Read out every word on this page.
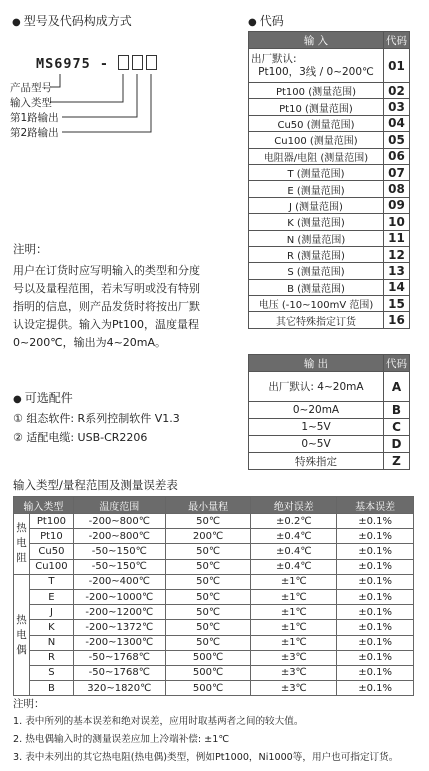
● 型号及代码构成方式
MS6975 -
产品型号
输入类型
第1路输出
第2路输出
● 代码
输 入	代码

出厂默认:
Pt100，3线 / 0~200℃	01
Pt100 (测量范围)	02
Pt10 (测量范围)	03
Cu50 (测量范围)	04
Cu100 (测量范围)	05
电阻器/电阻 (测量范围)	06
T (测量范围)	07
E (测量范围)	08
J (测量范围)	09
K (测量范围)	10
N (测量范围)	11
R (测量范围)	12
S (测量范围)	13
B (测量范围)	14
电压 (-10~100mV 范围)	15
其它特殊指定订货	16
输 出	代码
出厂默认: 4~20mA	A
0~20mA	B
1~5V	C
0~5V	D
特殊指定	Z
注明：
用户在订货时应写明输入的类型和分度
号以及量程范围，若未写明或没有特别
指明的信息，则产品发货时将按出厂默
认设定提供。输入为Pt100，温度量程
0~200℃，输出为4~20mA。
● 可选配件
① 组态软件: R系列控制软件 V1.3
② 适配电缆: USB-CR2206
输入类型/量程范围及测量误差表
输入类型		温度范围	最小量程	绝对误差	基本误差

热
电
阻	Pt100	-200~800℃	50℃	±0.2℃	±0.1%
	Pt10	-200~800℃	200℃	±0.4℃	±0.1%
	Cu50	-50~150℃	50℃	±0.4℃	±0.1%
	Cu100	-50~150℃	50℃	±0.4℃	±0.1%

热
电
偶	T	-200~400℃	50℃	±1℃	±0.1%
	E	-200~1000℃	50℃	±1℃	±0.1%
	J	-200~1200℃	50℃	±1℃	±0.1%
	K	-200~1372℃	50℃	±1℃	±0.1%
	N	-200~1300℃	50℃	±1℃	±0.1%
	R	-50~1768℃	500℃	±3℃	±0.1%
	S	-50~1768℃	500℃	±3℃	±0.1%
	B	320~1820℃	500℃	±3℃	±0.1%
注明：
1. 表中所列的基本误差和绝对误差，应用时取基两者之间的较大值。
2. 热电偶输入时的测量误差应加上冷端补偿: ±1℃
3. 表中未列出的其它热电阻(热电偶)类型，例如Pt1000，Ni1000等，用户也可指定订货。
